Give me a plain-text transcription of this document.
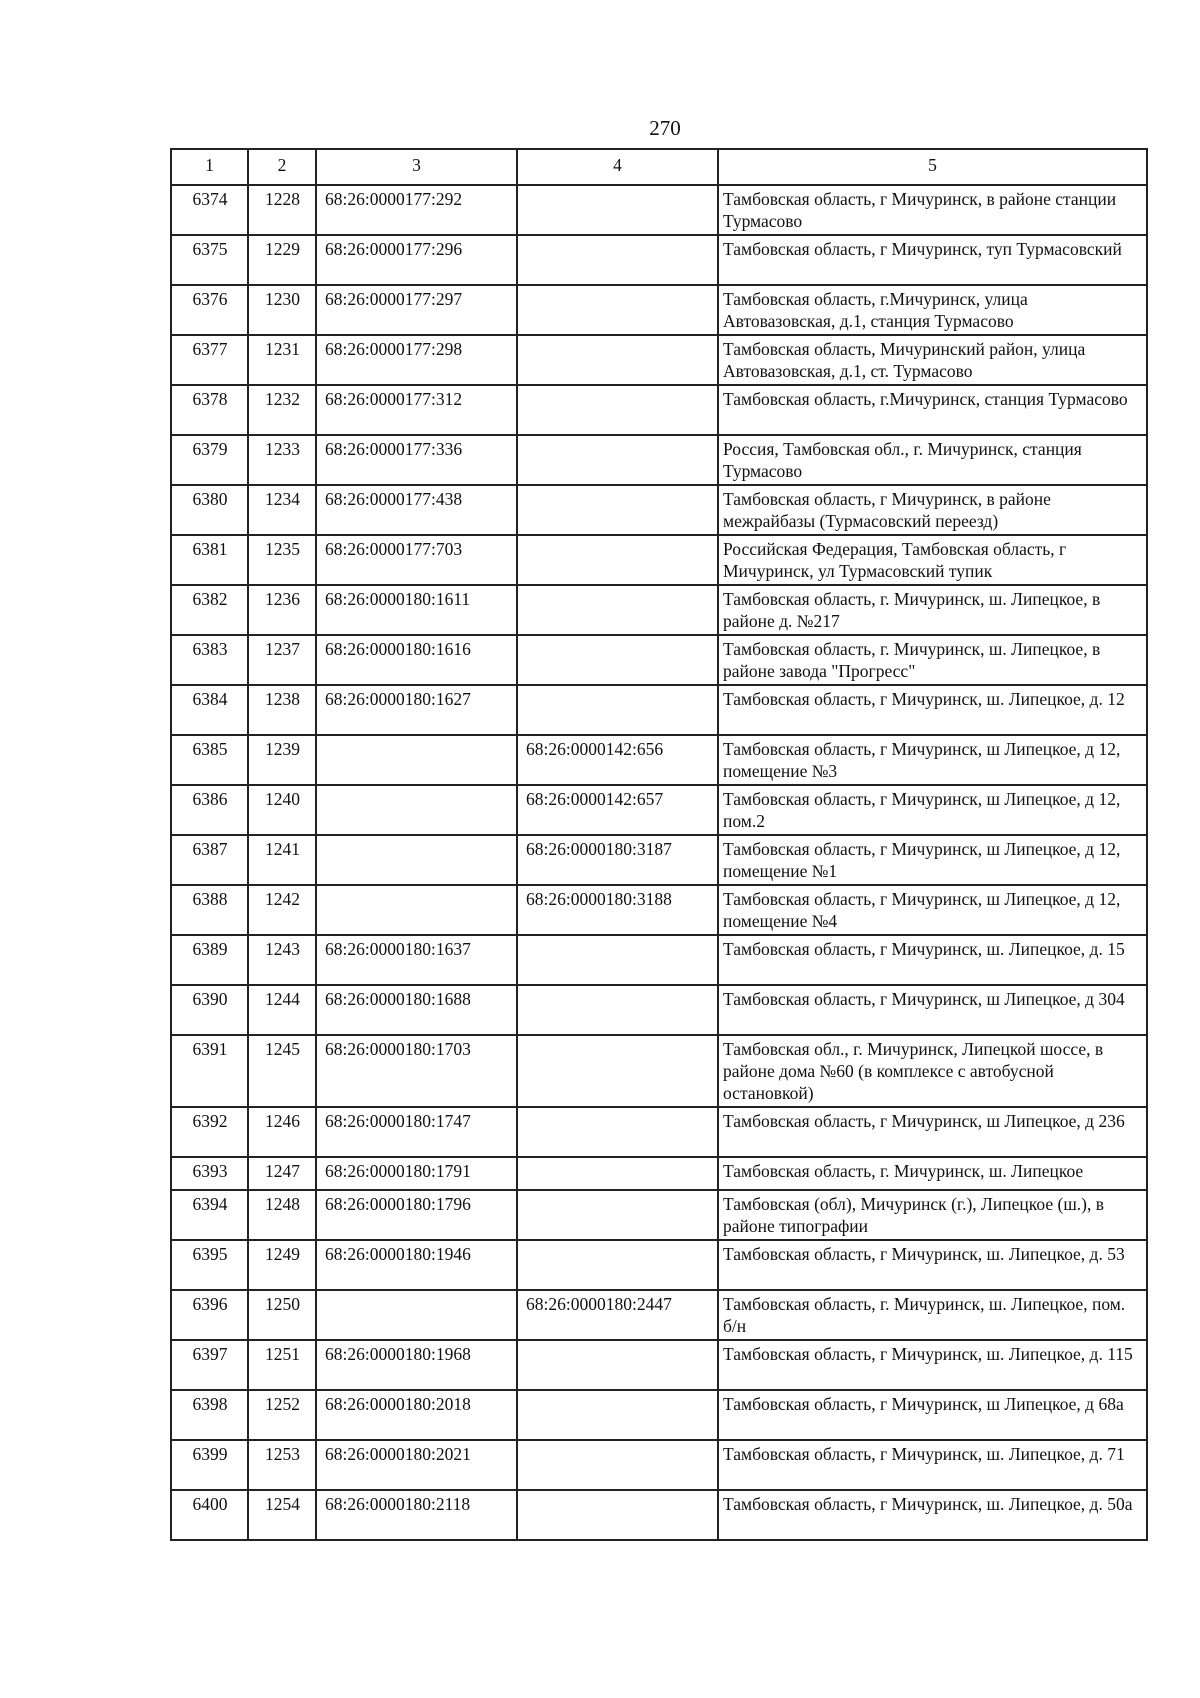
270
1	2	3	4	5
6374	1228	68:26:0000177:292		Тамбовская область, г Мичуринск, в районе станции Турмасово
6375	1229	68:26:0000177:296		Тамбовская область, г Мичуринск, туп Турмасовский
6376	1230	68:26:0000177:297		Тамбовская область, г.Мичуринск, улица Автовазовская, д.1, станция Турмасово
6377	1231	68:26:0000177:298		Тамбовская область, Мичуринский район, улица Автовазовская, д.1, ст. Турмасово
6378	1232	68:26:0000177:312		Тамбовская область, г.Мичуринск, станция Турмасово
6379	1233	68:26:0000177:336		Россия, Тамбовская обл., г. Мичуринск, станция Турмасово
6380	1234	68:26:0000177:438		Тамбовская область, г Мичуринск, в районе межрайбазы (Турмасовский переезд)
6381	1235	68:26:0000177:703		Российская Федерация, Тамбовская область, г Мичуринск, ул Турмасовский тупик
6382	1236	68:26:0000180:1611		Тамбовская область, г. Мичуринск, ш. Липецкое, в районе д. №217
6383	1237	68:26:0000180:1616		Тамбовская область, г. Мичуринск, ш. Липецкое, в районе завода "Прогресс"
6384	1238	68:26:0000180:1627		Тамбовская область, г Мичуринск, ш. Липецкое, д. 12
6385	1239		68:26:0000142:656	Тамбовская область, г Мичуринск, ш Липецкое, д 12, помещение №3
6386	1240		68:26:0000142:657	Тамбовская область, г Мичуринск, ш Липецкое, д 12, пом.2
6387	1241		68:26:0000180:3187	Тамбовская область, г Мичуринск, ш Липецкое, д 12, помещение №1
6388	1242		68:26:0000180:3188	Тамбовская область, г Мичуринск, ш Липецкое, д 12, помещение №4
6389	1243	68:26:0000180:1637		Тамбовская область, г Мичуринск, ш. Липецкое, д. 15
6390	1244	68:26:0000180:1688		Тамбовская область, г Мичуринск, ш Липецкое, д 304
6391	1245	68:26:0000180:1703		Тамбовская обл., г. Мичуринск, Липецкой шоссе, в районе дома №60 (в комплексе с автобусной остановкой)
6392	1246	68:26:0000180:1747		Тамбовская область, г Мичуринск, ш Липецкое, д 236
6393	1247	68:26:0000180:1791		Тамбовская область, г. Мичуринск, ш. Липецкое
6394	1248	68:26:0000180:1796		Тамбовская (обл), Мичуринск (г.), Липецкое (ш.), в районе типографии
6395	1249	68:26:0000180:1946		Тамбовская область, г Мичуринск, ш. Липецкое, д. 53
6396	1250		68:26:0000180:2447	Тамбовская область, г. Мичуринск, ш. Липецкое, пом. б/н
6397	1251	68:26:0000180:1968		Тамбовская область, г Мичуринск, ш. Липецкое, д. 115
6398	1252	68:26:0000180:2018		Тамбовская область, г Мичуринск, ш Липецкое, д 68а
6399	1253	68:26:0000180:2021		Тамбовская область, г Мичуринск, ш. Липецкое, д. 71
6400	1254	68:26:0000180:2118		Тамбовская область, г Мичуринск, ш. Липецкое, д. 50а
